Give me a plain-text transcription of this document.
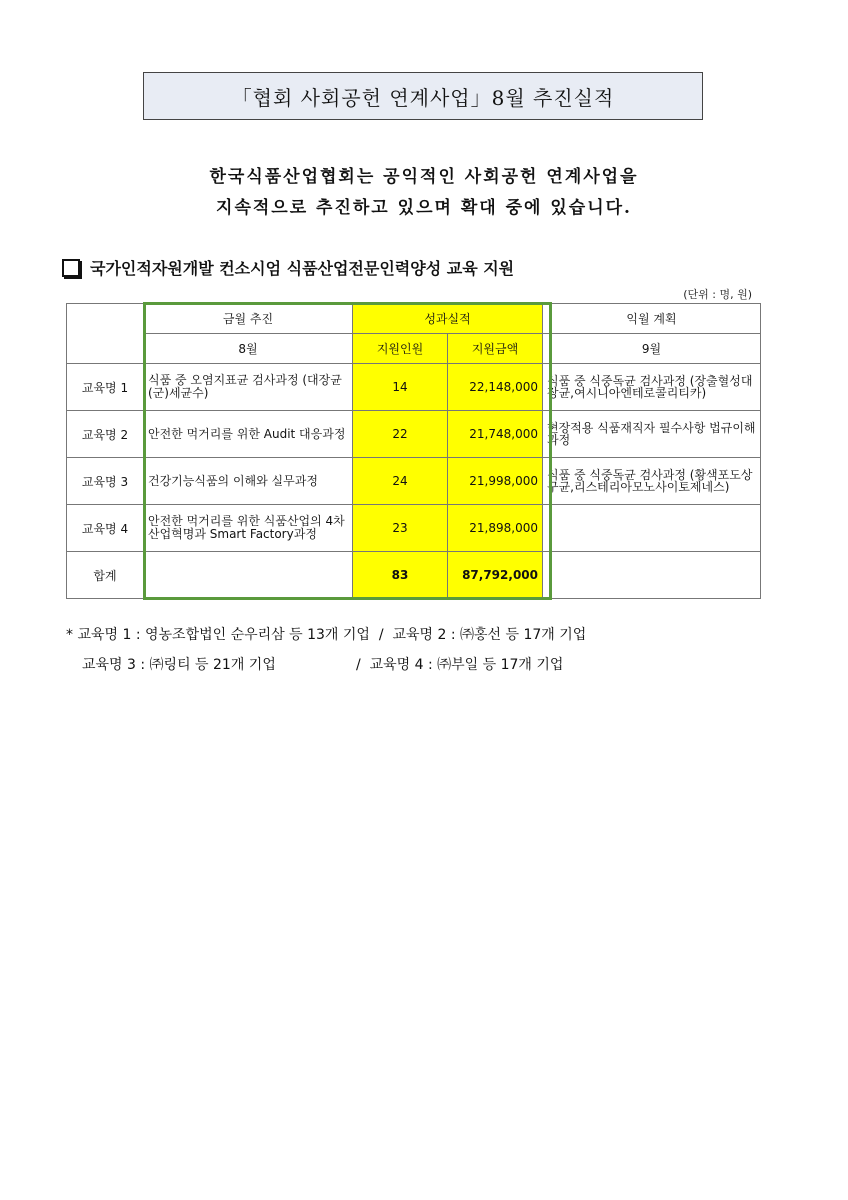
「협회 사회공헌 연계사업」8월 추진실적
한국식품산업협회는 공익적인 사회공헌 연계사업을
지속적으로 추진하고 있으며 확대 중에 있습니다.
국가인적자원개발 컨소시엄 식품산업전문인력양성 교육 지원
(단위 : 명, 원)
	금월 추진	성과실적		익월 계획
	8월	지원인원	지원금액	9월
교육명 1	식품 중 오염지표균 검사과정 (대장균(군)세균수)	14	22,148,000	식품 중 식중독균 검사과정 (장출혈성대장균,여시니아엔테로콜리티카)
교육명 2	안전한 먹거리를 위한 Audit 대응과정	22	21,748,000	현장적용 식품재직자 필수사항 법규이해 과정
교육명 3	건강기능식품의 이해와 실무과정	24	21,998,000	식품 중 식중독균 검사과정 (황색포도상구균,리스테리아모노사이토제네스)
교육명 4	안전한 먹거리를 위한 식품산업의 4차산업혁명과 Smart Factory과정	23	21,898,000	
합계		83	87,792,000	
* 교육명 1 : 영농조합법인 순우리삼 등 13개 기업  /  교육명 2 : ㈜홍선 등 17개 기업
교육명 3 : ㈜링티 등 21개 기업                  /  교육명 4 : ㈜부일 등 17개 기업
